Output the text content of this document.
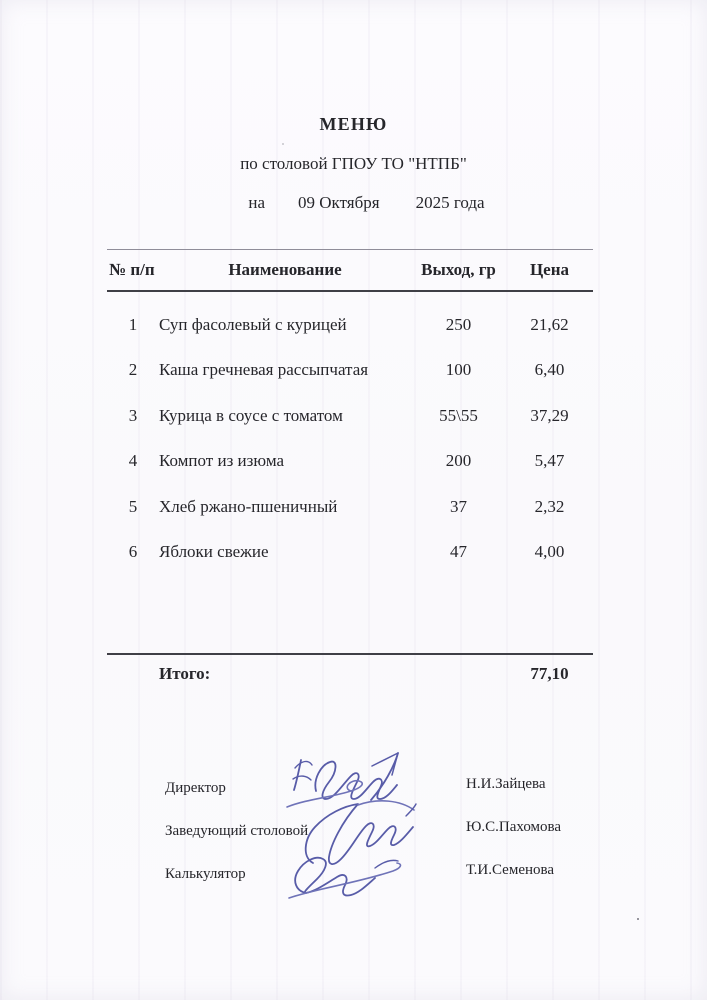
МЕНЮ
по столовой ГПОУ ТО "НТПБ"
на 09 Октября 2025 года
№ п/п	Наименование	Выход, гр	Цена
1	Суп фасолевый с курицей	250	21,62
2	Каша гречневая рассыпчатая	100	6,40
3	Курица в соусе с томатом	55\55	37,29
4	Компот из изюма	200	5,47
5	Хлеб ржано-пшеничный	37	2,32
6	Яблоки свежие	47	4,00
Итого:	77,10
Директор	Н.И.Зайцева
Заведующий столовой	Ю.С.Пахомова
Калькулятор	Т.И.Семенова
